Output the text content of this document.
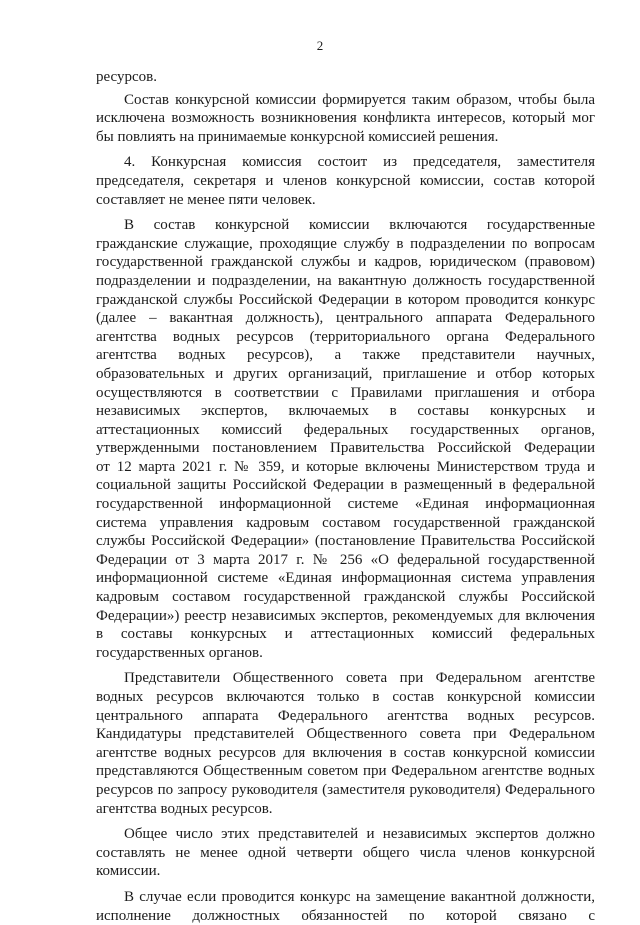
2

ресурсов.

Состав конкурсной комиссии формируется таким образом, чтобы была
исключена возможность возникновения конфликта интересов, который мог
бы повлиять на принимаемые конкурсной комиссией решения.

4. Конкурсная комиссия состоит из председателя, заместителя
председателя, секретаря и членов конкурсной комиссии, состав которой
составляет не менее пяти человек.

В состав конкурсной комиссии включаются государственные
гражданские служащие, проходящие службу в подразделении по вопросам
государственной гражданской службы и кадров, юридическом (правовом)
подразделении и подразделении, на вакантную должность государственной
гражданской службы Российской Федерации в котором проводится конкурс
(далее – вакантная должность), центрального аппарата Федерального
агентства водных ресурсов (территориального органа Федерального
агентства водных ресурсов), а также представители научных,
образовательных и других организаций, приглашение и отбор которых
осуществляются в соответствии с Правилами приглашения и отбора
независимых экспертов, включаемых в составы конкурсных и
аттестационных комиссий федеральных государственных органов,
утвержденными постановлением Правительства Российской Федерации
от 12 марта 2021 г. № 359, и которые включены Министерством труда и
социальной защиты Российской Федерации в размещенный в федеральной
государственной информационной системе «Единая информационная
система управления кадровым составом государственной гражданской
службы Российской Федерации» (постановление Правительства Российской
Федерации от 3 марта 2017 г. № 256 «О федеральной государственной
информационной системе «Единая информационная система управления
кадровым составом государственной гражданской службы Российской
Федерации») реестр независимых экспертов, рекомендуемых для включения
в составы конкурсных и аттестационных комиссий федеральных
государственных органов.

Представители Общественного совета при Федеральном агентстве
водных ресурсов включаются только в состав конкурсной комиссии
центрального аппарата Федерального агентства водных ресурсов.
Кандидатуры представителей Общественного совета при Федеральном
агентстве водных ресурсов для включения в состав конкурсной комиссии
представляются Общественным советом при Федеральном агентстве водных
ресурсов по запросу руководителя (заместителя руководителя) Федерального
агентства водных ресурсов.

Общее число этих представителей и независимых экспертов должно
составлять не менее одной четверти общего числа членов конкурсной
комиссии.

В случае если проводится конкурс на замещение вакантной должности,
исполнение должностных обязанностей по которой связано с
